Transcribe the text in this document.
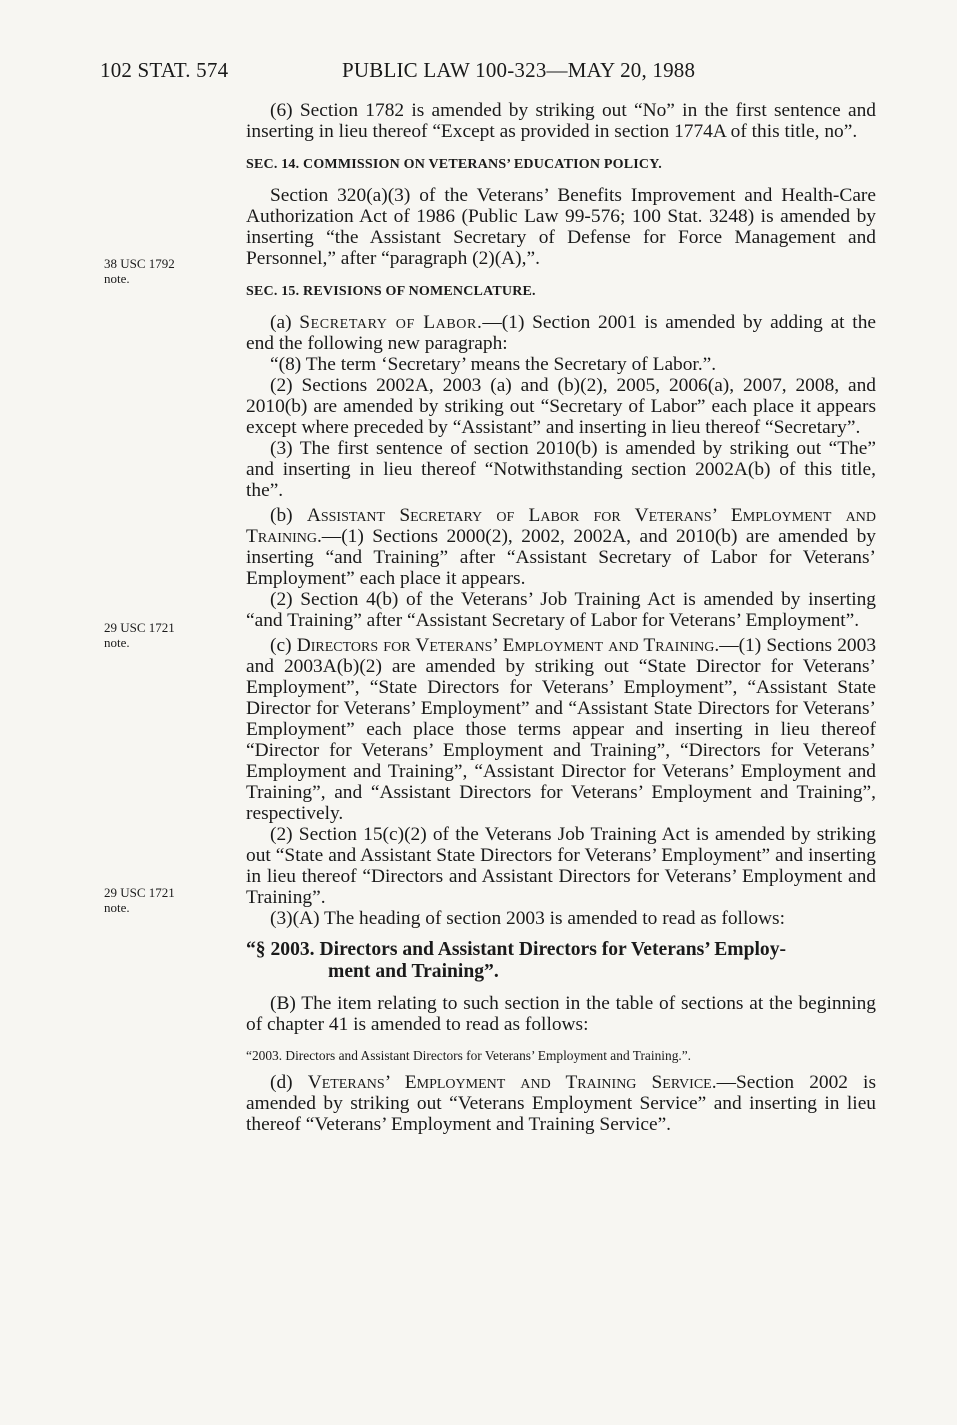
102 STAT. 574	PUBLIC LAW 100-323—MAY 20, 1988
38 USC 1792
note.
29 USC 1721
note.
29 USC 1721
note.

(6) Section 1782 is amended by striking out “No” in the first sentence and inserting in lieu thereof “Except as provided in section 1774A of this title, no”.

SEC. 14. COMMISSION ON VETERANS’ EDUCATION POLICY.

Section 320(a)(3) of the Veterans’ Benefits Improvement and Health-Care Authorization Act of 1986 (Public Law 99-576; 100 Stat. 3248) is amended by inserting “the Assistant Secretary of Defense for Force Management and Personnel,” after “paragraph (2)(A),”.

SEC. 15. REVISIONS OF NOMENCLATURE.

(a) Secretary of Labor.—(1) Section 2001 is amended by adding at the end the following new paragraph:

“(8) The term ‘Secretary’ means the Secretary of Labor.”.

(2) Sections 2002A, 2003 (a) and (b)(2), 2005, 2006(a), 2007, 2008, and 2010(b) are amended by striking out “Secretary of Labor” each place it appears except where preceded by “Assistant” and inserting in lieu thereof “Secretary”.

(3) The first sentence of section 2010(b) is amended by striking out “The” and inserting in lieu thereof “Notwithstanding section 2002A(b) of this title, the”.

(b) Assistant Secretary of Labor for Veterans’ Employment and Training.—(1) Sections 2000(2), 2002, 2002A, and 2010(b) are amended by inserting “and Training” after “Assistant Secretary of Labor for Veterans’ Employment” each place it appears.

(2) Section 4(b) of the Veterans’ Job Training Act is amended by inserting “and Training” after “Assistant Secretary of Labor for Veterans’ Employment”.

(c) Directors for Veterans’ Employment and Training.—(1) Sections 2003 and 2003A(b)(2) are amended by striking out “State Director for Veterans’ Employment”, “State Directors for Veterans’ Employment”, “Assistant State Director for Veterans’ Employment” and “Assistant State Directors for Veterans’ Employment” each place those terms appear and inserting in lieu thereof “Director for Veterans’ Employment and Training”, “Directors for Veterans’ Employment and Training”, “Assistant Director for Veterans’ Employment and Training”, and “Assistant Directors for Veterans’ Employment and Training”, respectively.

(2) Section 15(c)(2) of the Veterans Job Training Act is amended by striking out “State and Assistant State Directors for Veterans’ Employment” and inserting in lieu thereof “Directors and Assistant Directors for Veterans’ Employment and Training”.

(3)(A) The heading of section 2003 is amended to read as follows:

“§ 2003. Directors and Assistant Directors for Veterans’ Employ-
ment and Training”.

(B) The item relating to such section in the table of sections at the beginning of chapter 41 is amended to read as follows:

“2003. Directors and Assistant Directors for Veterans’ Employment and Training.”.

(d) Veterans’ Employment and Training Service.—Section 2002 is amended by striking out “Veterans Employment Service” and inserting in lieu thereof “Veterans’ Employment and Training Service”.
